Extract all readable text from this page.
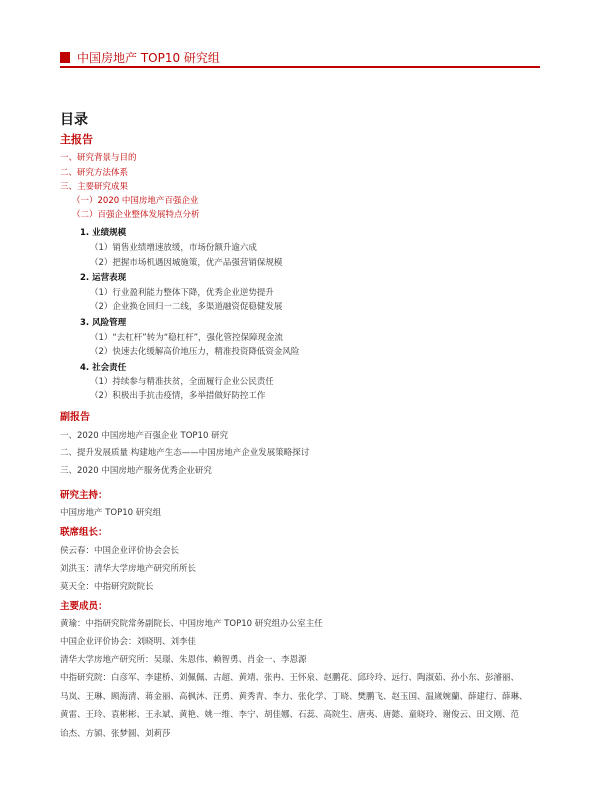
中国房地产 TOP10 研究组
目录
主报告
一、研究背景与目的
二、研究方法体系
三、主要研究成果
（一）2020 中国房地产百强企业
（二）百强企业整体发展特点分析
1. 业绩规模
（1）销售业绩增速放缓，市场份额升逾六成
（2）把握市场机遇因城施策，优产品强营销保规模
2. 运营表现
（1）行业盈利能力整体下降，优秀企业逆势提升
（2）企业换仓回归一二线，多渠道融资促稳健发展
3. 风险管理
（1）“去杠杆”转为“稳杠杆”，强化管控保障现金流
（2）快速去化缓解高价地压力，精准投资降低资金风险
4. 社会责任
（1）持续参与精准扶贫，全面履行企业公民责任
（2）积极出手抗击疫情，多举措做好防控工作
副报告
一、2020 中国房地产百强企业 TOP10 研究
二、提升发展质量 构建地产生态——中国房地产企业发展策略探讨
三、2020 中国房地产服务优秀企业研究
研究主持：
中国房地产 TOP10 研究组
联席组长：
侯云春：中国企业评价协会会长
刘洪玉：清华大学房地产研究所所长
莫天全：中指研究院院长
主要成员：
黄瑜：中指研究院常务副院长、中国房地产 TOP10 研究组办公室主任
中国企业评价协会：刘晓明、刘李佳
清华大学房地产研究所：吴璟、朱恩伟、赖智勇、肖金一、李恩源
中指研究院：白彦军、李建桥、刘佩佩、古超、黄靖、张冉、王怀泉、赵鹏花、邱玲玲、远行、陶淑茹、孙小东、彭濬丽、
马岚、王琳、顾海清、蒋金丽、高枫沐、汪勇、黄秀青、李力、张化学、丁晓、樊鹏飞、赵玉国、温嵗婉蘭、薛建行、薛琳、
黄雷、王玲、袁彬彬、王永斌、黄艳、姚一维、李宁、胡佳娜、石蕊、高院生、唐夷、唐懿、童晓玲、谢俊云、田文刚、范
诒杰、方頴、张梦圆、刘莉莎
